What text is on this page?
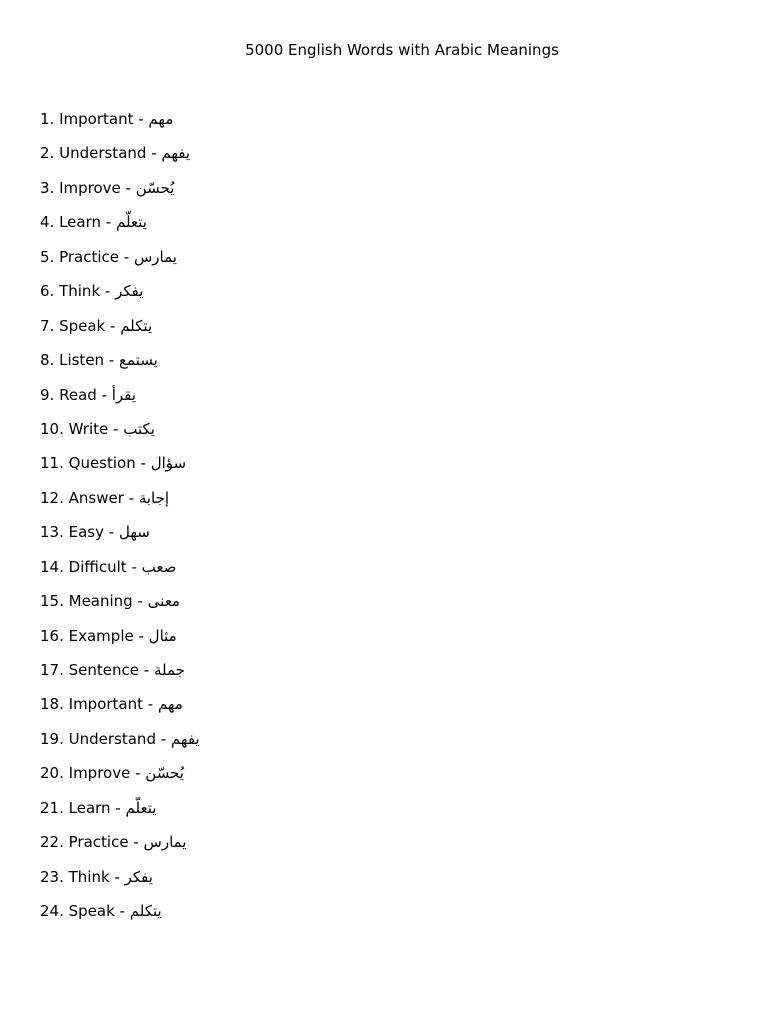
5000 English Words with Arabic Meanings
1. Important - مهم
2. Understand - يفهم
3. Improve - يُحسّن
4. Learn - يتعلّم
5. Practice - يمارس
6. Think - يفكر
7. Speak - يتكلم
8. Listen - يستمع
9. Read - يقرأ
10. Write - يكتب
11. Question - سؤال
12. Answer - إجابة
13. Easy - سهل
14. Difficult - صعب
15. Meaning - معنى
16. Example - مثال
17. Sentence - جملة
18. Important - مهم
19. Understand - يفهم
20. Improve - يُحسّن
21. Learn - يتعلّم
22. Practice - يمارس
23. Think - يفكر
24. Speak - يتكلم
